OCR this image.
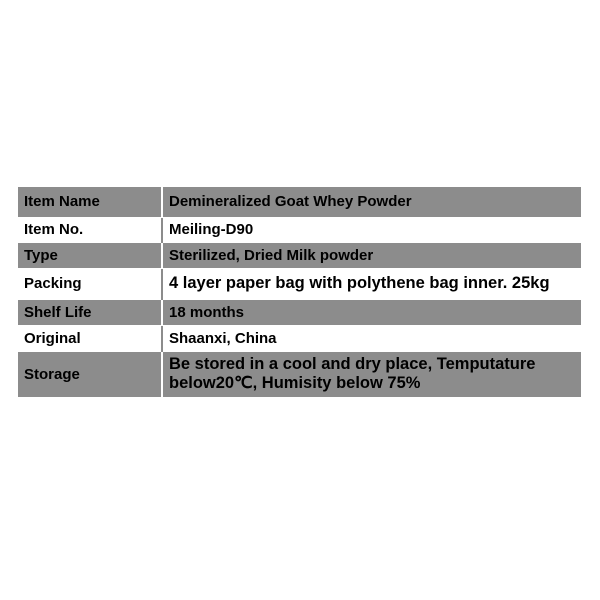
Item Name	Demineralized Goat Whey Powder
Item No.	Meiling-D90
Type	Sterilized, Dried Milk powder
Packing	4 layer paper bag with polythene bag inner. 25kg
Shelf Life	18 months
Original	Shaanxi, China
Storage	Be stored in a cool and dry place, Temputature below20℃, Humisity below 75%
